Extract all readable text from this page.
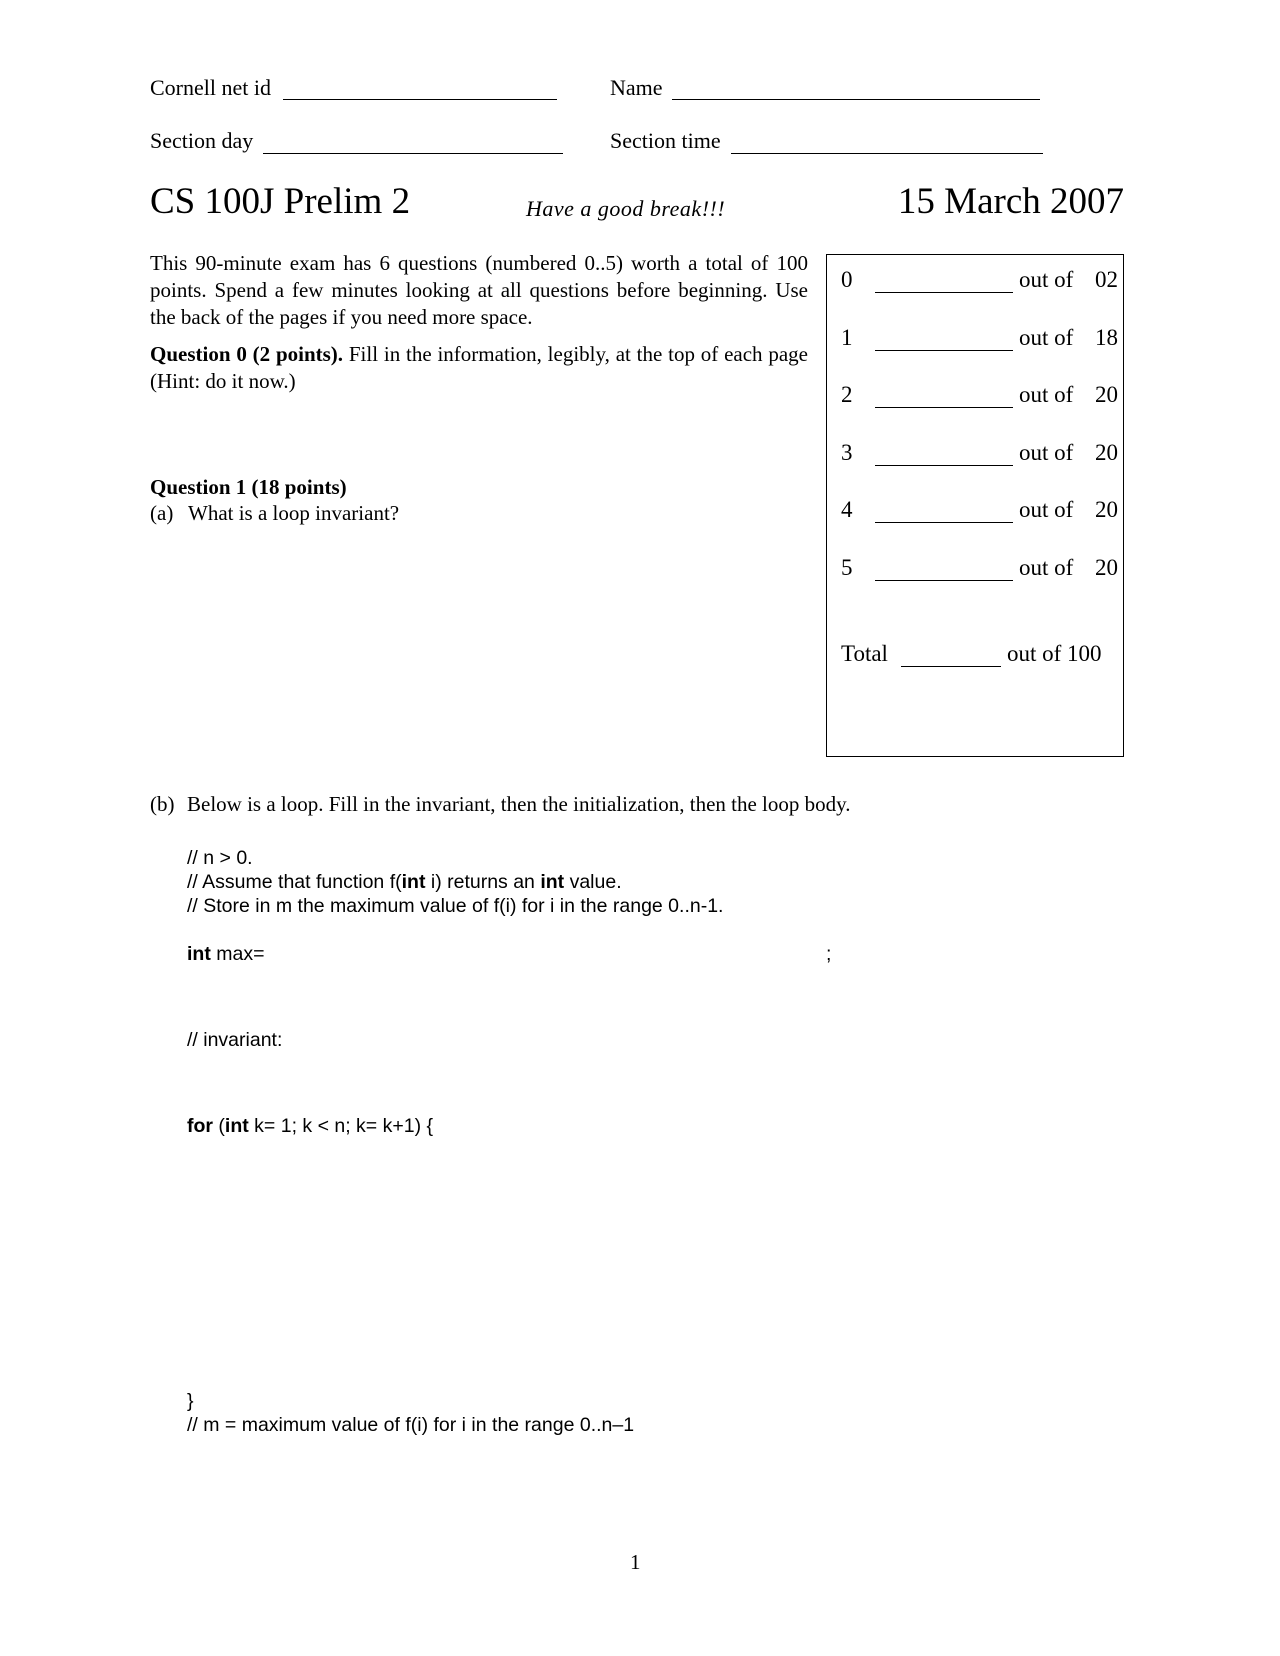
Cornell net id	Name
Section day	Section time
CS 100J Prelim 2	Have a good break!!!	15 March 2007
This 90-minute exam has 6 questions (numbered 0..5) worth a total of 100 points. Spend a few minutes looking at all questions before beginning. Use the back of the pages if you need more space.
Question 0 (2 points). Fill in the information, legibly, at the top of each page (Hint: do it now.)
Question 1 (18 points)
(a) What is a loop invariant?
0	out of 02
1	out of 18
2	out of 20
3	out of 20
4	out of 20
5	out of 20
Total	out of 100
(b) Below is a loop. Fill in the invariant, then the initialization, then the loop body.
// n > 0.
// Assume that function f(int i) returns an int value.
// Store in m the maximum value of f(i) for i in the range 0..n-1.
int max=	;
// invariant:
for (int k= 1; k < n; k= k+1) {
}
// m = maximum value of f(i) for i in the range 0..n–1
1
